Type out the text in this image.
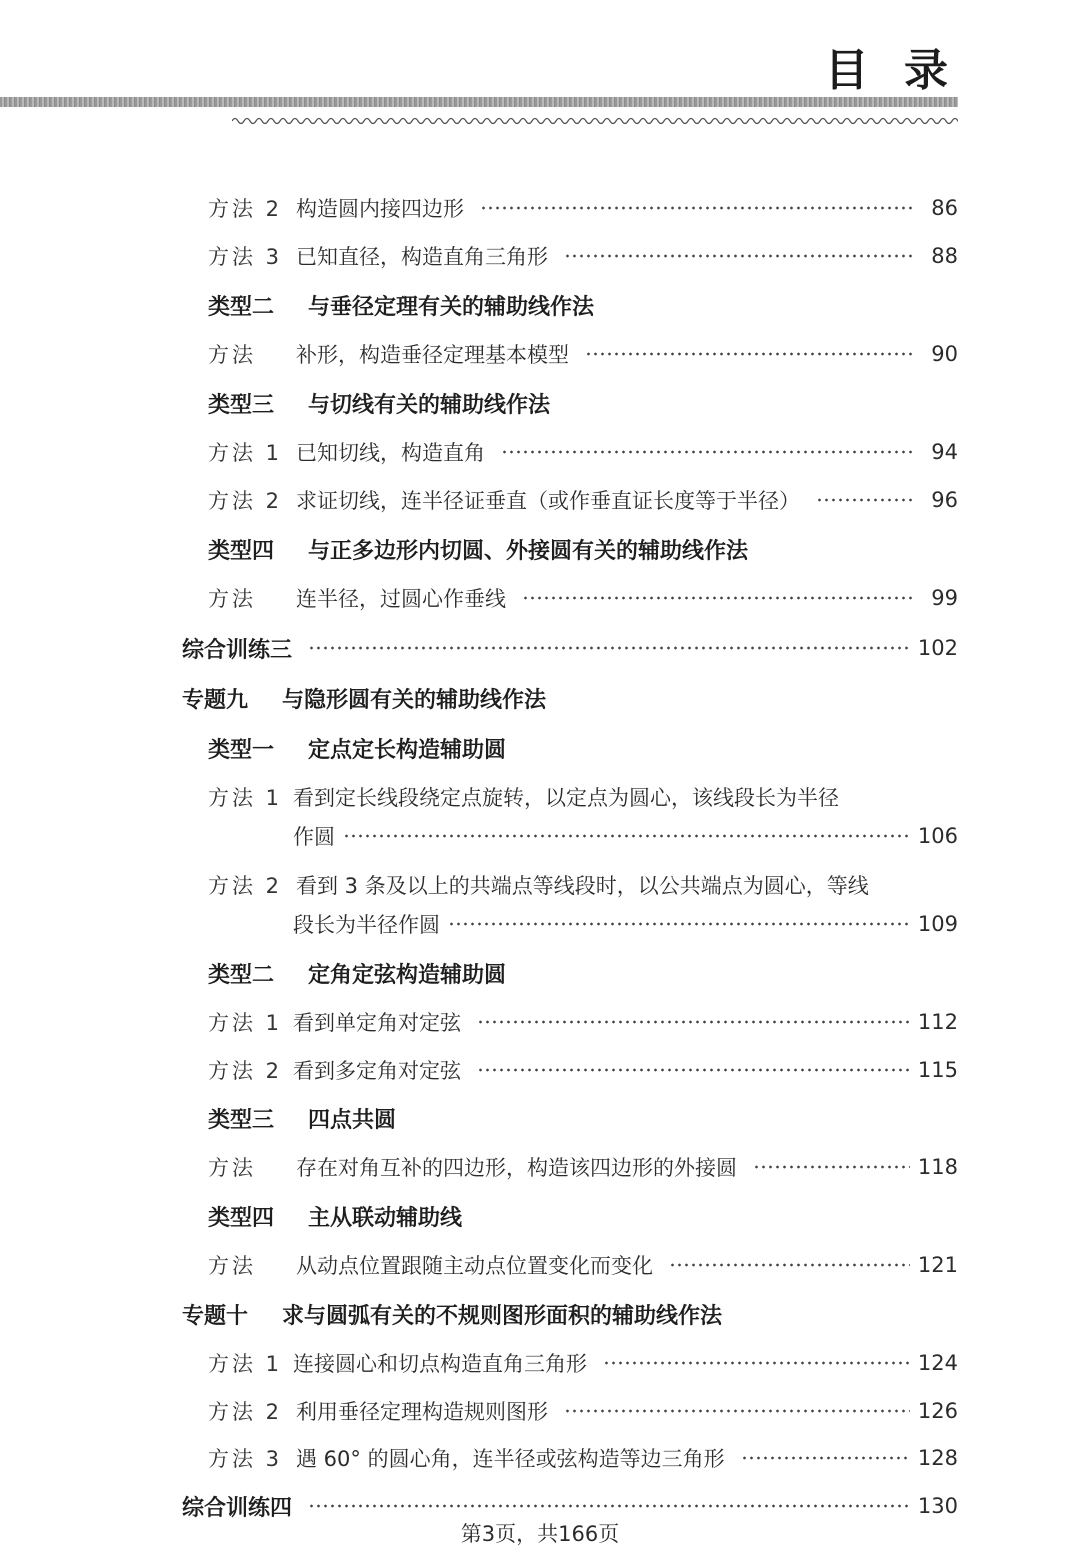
目 录
方法 2 构造圆内接四边形	86
方法 3 已知直径，构造直角三角形	88
类型二	与垂径定理有关的辅助线作法
方法	补形，构造垂径定理基本模型	90
类型三	与切线有关的辅助线作法
方法 1 已知切线，构造直角	94
方法 2 求证切线，连半径证垂直（或作垂直证长度等于半径）	96
类型四	与正多边形内切圆、外接圆有关的辅助线作法
方法	连半径，过圆心作垂线	99
综合训练三	102
专题九	与隐形圆有关的辅助线作法
类型一	定点定长构造辅助圆
方法 1 看到定长线段绕定点旋转，以定点为圆心，该线段长为半径
作圆	106
方法 2 看到 3 条及以上的共端点等线段时，以公共端点为圆心，等线
段长为半径作圆	109
类型二	定角定弦构造辅助圆
方法 1 看到单定角对定弦	112
方法 2 看到多定角对定弦	115
类型三	四点共圆
方法	存在对角互补的四边形，构造该四边形的外接圆	118
类型四	主从联动辅助线
方法	从动点位置跟随主动点位置变化而变化	121
专题十	求与圆弧有关的不规则图形面积的辅助线作法
方法 1 连接圆心和切点构造直角三角形	124
方法 2 利用垂径定理构造规则图形	126
方法 3 遇 60° 的圆心角，连半径或弦构造等边三角形	128
综合训练四	130
第3页，共166页
